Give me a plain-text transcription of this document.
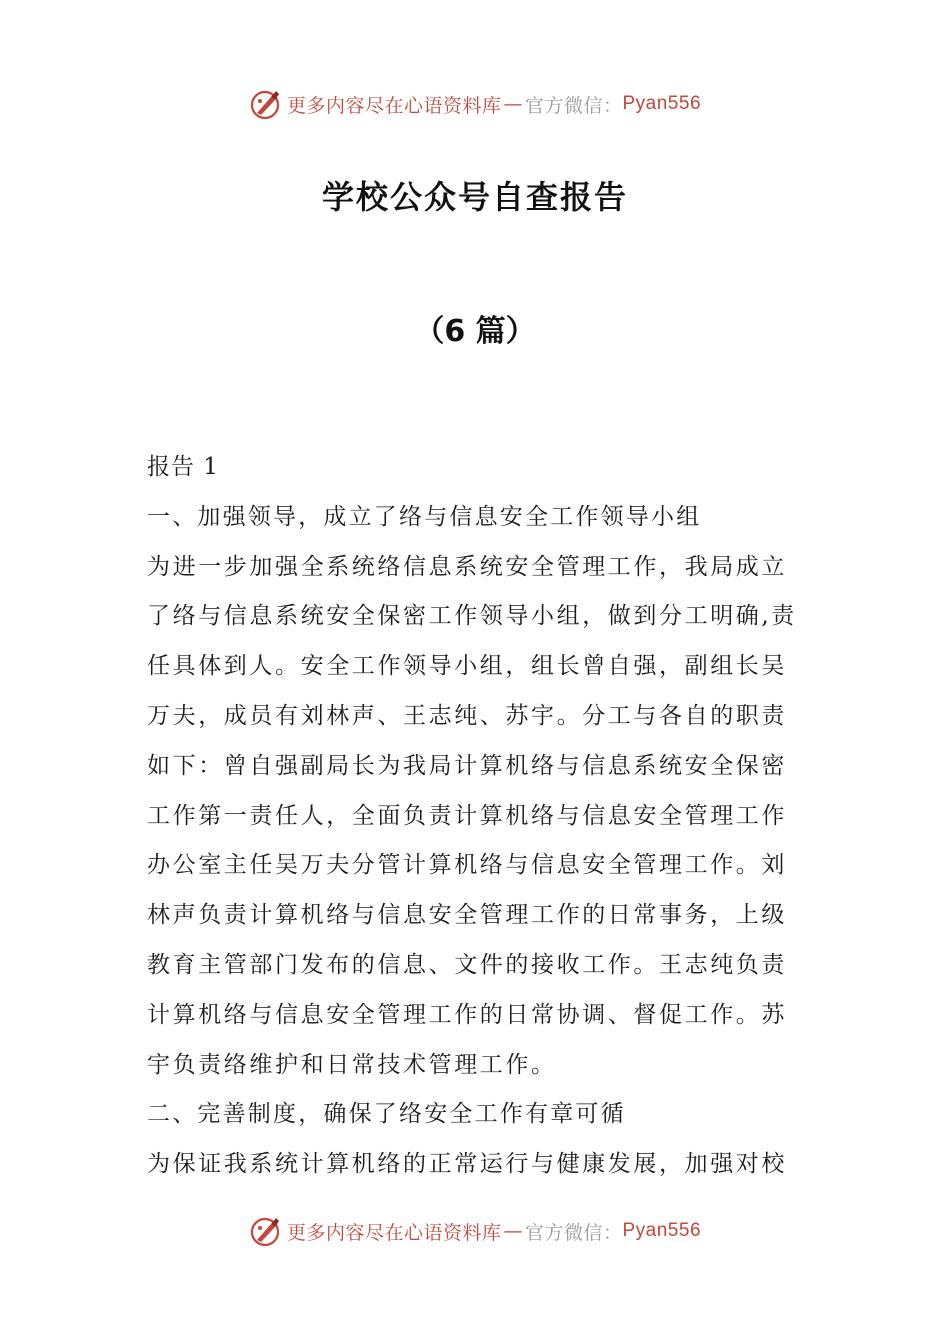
更多内容尽在心语资料库 — 官方微信： Pyan556
学校公众号自查报告
（6 篇）
报告 1
一、加强领导，成立了络与信息安全工作领导小组
为进一步加强全系统络信息系统安全管理工作，我局成立
了络与信息系统安全保密工作领导小组，做到分工明确,责
任具体到人。安全工作领导小组，组长曾自强，副组长吴
万夫，成员有刘林声、王志纯、苏宇。分工与各自的职责
如下：曾自强副局长为我局计算机络与信息系统安全保密
工作第一责任人，全面负责计算机络与信息安全管理工作
办公室主任吴万夫分管计算机络与信息安全管理工作。刘
林声负责计算机络与信息安全管理工作的日常事务，上级
教育主管部门发布的信息、文件的接收工作。王志纯负责
计算机络与信息安全管理工作的日常协调、督促工作。苏
宇负责络维护和日常技术管理工作。
二、完善制度，确保了络安全工作有章可循
为保证我系统计算机络的正常运行与健康发展，加强对校
更多内容尽在心语资料库 — 官方微信： Pyan556
